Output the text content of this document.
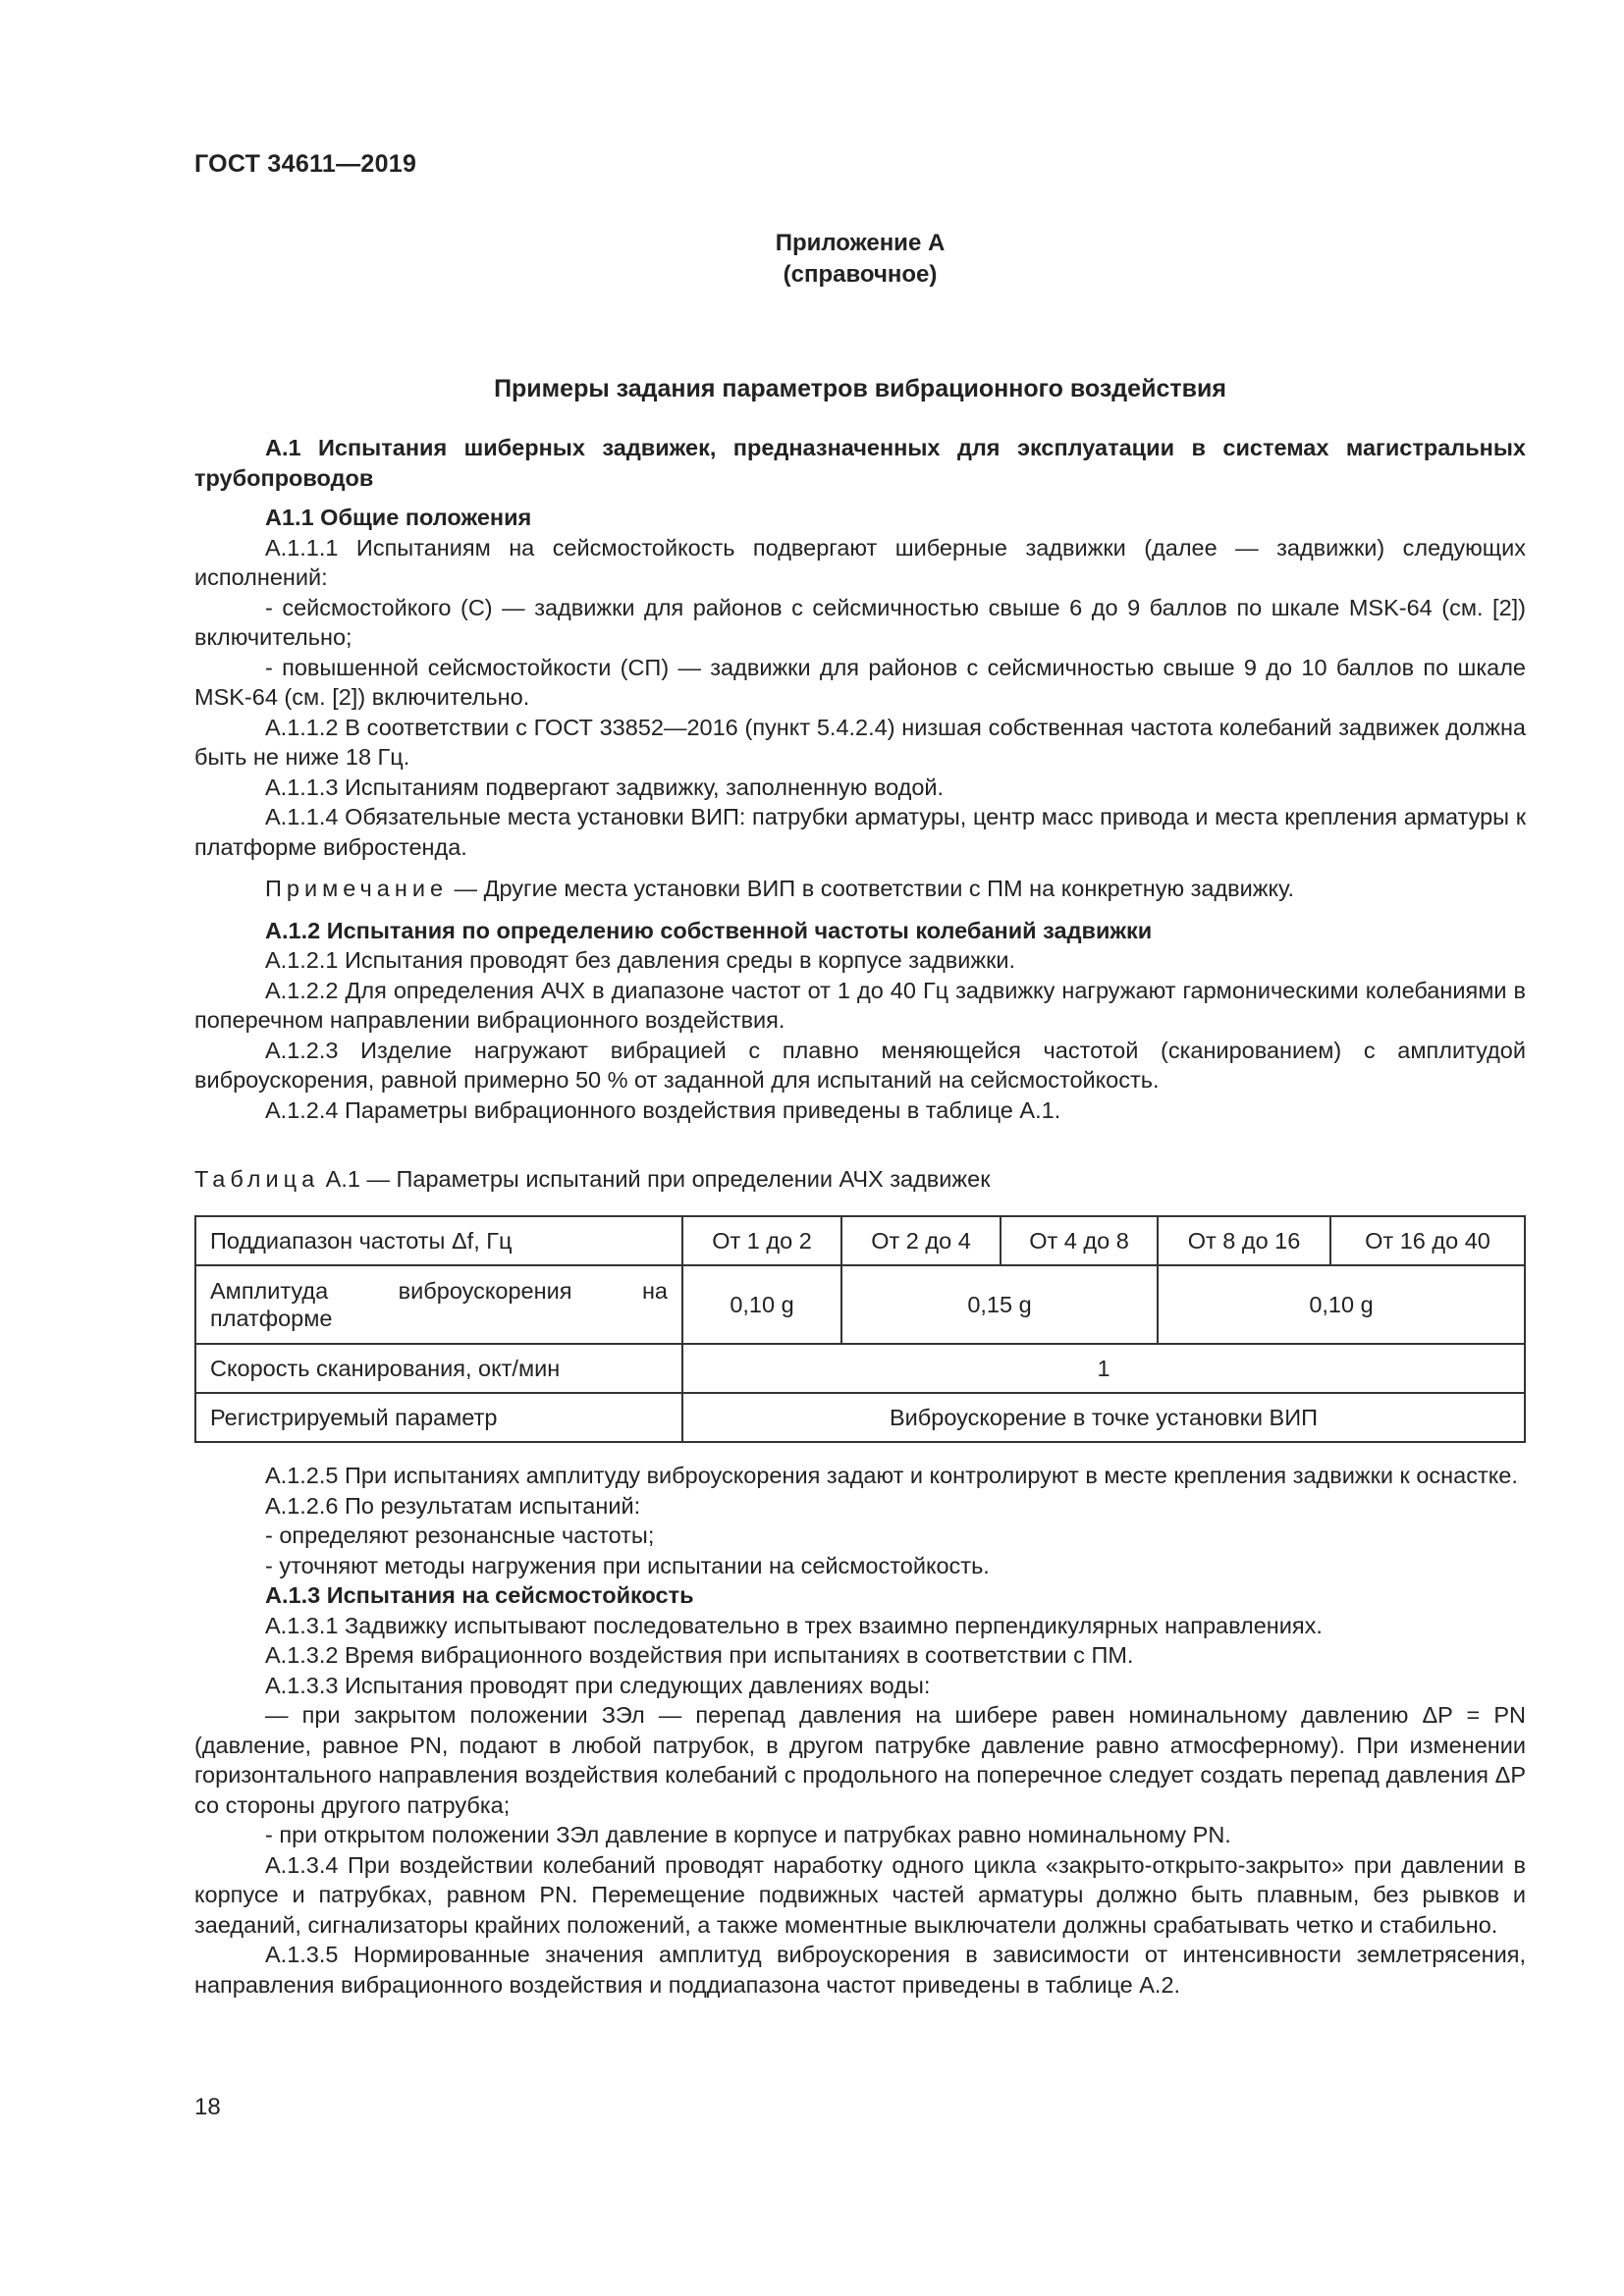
ГОСТ 34611—2019
Приложение А
(справочное)
Примеры задания параметров вибрационного воздействия

А.1 Испытания шиберных задвижек, предназначенных для эксплуатации в системах магистральных трубопроводов

А1.1 Общие положения

А.1.1.1 Испытаниям на сейсмостойкость подвергают шиберные задвижки (далее — задвижки) следующих исполнений:

- сейсмостойкого (С) — задвижки для районов с сейсмичностью свыше 6 до 9 баллов по шкале MSK-64 (см. [2]) включительно;

- повышенной сейсмостойкости (СП) — задвижки для районов с сейсмичностью свыше 9 до 10 баллов по шкале MSK-64 (см. [2]) включительно.

А.1.1.2 В соответствии с ГОСТ 33852—2016 (пункт 5.4.2.4) низшая собственная частота колебаний задвижек должна быть не ниже 18 Гц.

А.1.1.3 Испытаниям подвергают задвижку, заполненную водой.

А.1.1.4 Обязательные места установки ВИП: патрубки арматуры, центр масс привода и места крепления арматуры к платформе вибростенда.

Примечание — Другие места установки ВИП в соответствии с ПМ на конкретную задвижку.

А.1.2 Испытания по определению собственной частоты колебаний задвижки

А.1.2.1 Испытания проводят без давления среды в корпусе задвижки.

А.1.2.2 Для определения АЧХ в диапазоне частот от 1 до 40 Гц задвижку нагружают гармоническими колебаниями в поперечном направлении вибрационного воздействия.

А.1.2.3 Изделие нагружают вибрацией с плавно меняющейся частотой (сканированием) с амплитудой виброускорения, равной примерно 50 % от заданной для испытаний на сейсмостойкость.

А.1.2.4 Параметры вибрационного воздействия приведены в таблице А.1.

Таблица А.1 — Параметры испытаний при определении АЧХ задвижек
Поддиапазон частоты Δf, Гц	От 1 до 2	От 2 до 4	От 4 до 8	От 8 до 16	От 16 до 40
Амплитуда виброускорения на платформе	0,10 g	0,15 g		0,10 g	
Скорость сканирования, окт/мин	1				
Регистрируемый параметр	Виброускорение в точке установки ВИП				

А.1.2.5 При испытаниях амплитуду виброускорения задают и контролируют в месте крепления задвижки к оснастке.

А.1.2.6 По результатам испытаний:

- определяют резонансные частоты;

- уточняют методы нагружения при испытании на сейсмостойкость.

А.1.3 Испытания на сейсмостойкость

А.1.3.1 Задвижку испытывают последовательно в трех взаимно перпендикулярных направлениях.

А.1.3.2 Время вибрационного воздействия при испытаниях в соответствии с ПМ.

А.1.3.3 Испытания проводят при следующих давлениях воды:

— при закрытом положении ЗЭл — перепад давления на шибере равен номинальному давлению ΔP = PN (давление, равное PN, подают в любой патрубок, в другом патрубке давление равно атмосферному). При изменении горизонтального направления воздействия колебаний с продольного на поперечное следует создать перепад давления ΔP со стороны другого патрубка;

- при открытом положении ЗЭл давление в корпусе и патрубках равно номинальному PN.

А.1.3.4 При воздействии колебаний проводят наработку одного цикла «закрыто-открыто-закрыто» при давлении в корпусе и патрубках, равном PN. Перемещение подвижных частей арматуры должно быть плавным, без рывков и заеданий, сигнализаторы крайних положений, а также моментные выключатели должны срабатывать четко и стабильно.

А.1.3.5 Нормированные значения амплитуд виброускорения в зависимости от интенсивности землетрясения, направления вибрационного воздействия и поддиапазона частот приведены в таблице А.2.

18
